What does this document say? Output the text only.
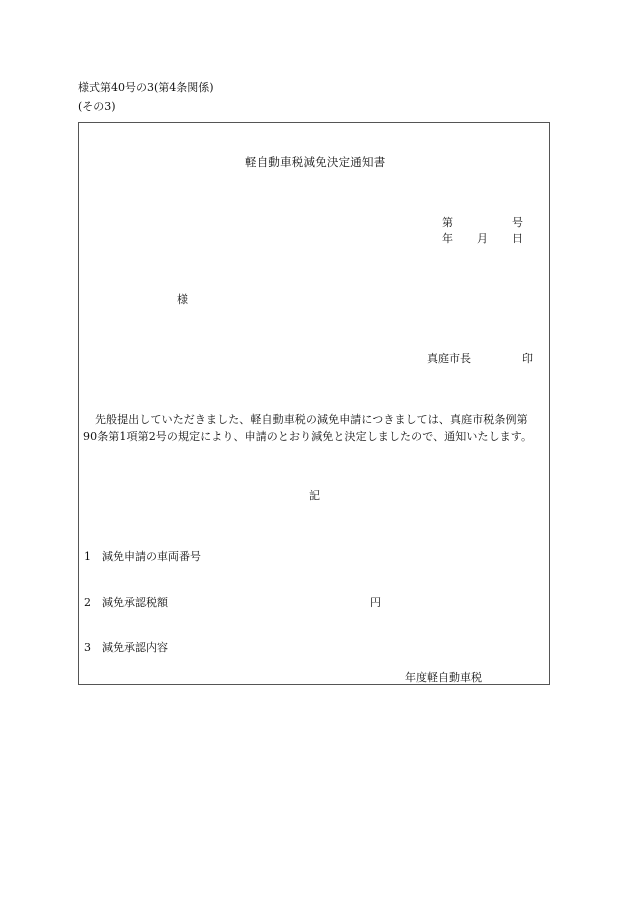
様式第40号の3(第4条関係)
(その3)
軽自動車税減免決定通知書
第	号
年 月 日
様
真庭市長	印
先般提出していただきました、軽自動車税の減免申請につきましては、真庭市税条例第
90条第1項第2号の規定により、申請のとおり減免と決定しましたので、通知いたします。
記
1 減免申請の車両番号
2 減免承認税額	円
3 減免承認内容
年度軽自動車税
